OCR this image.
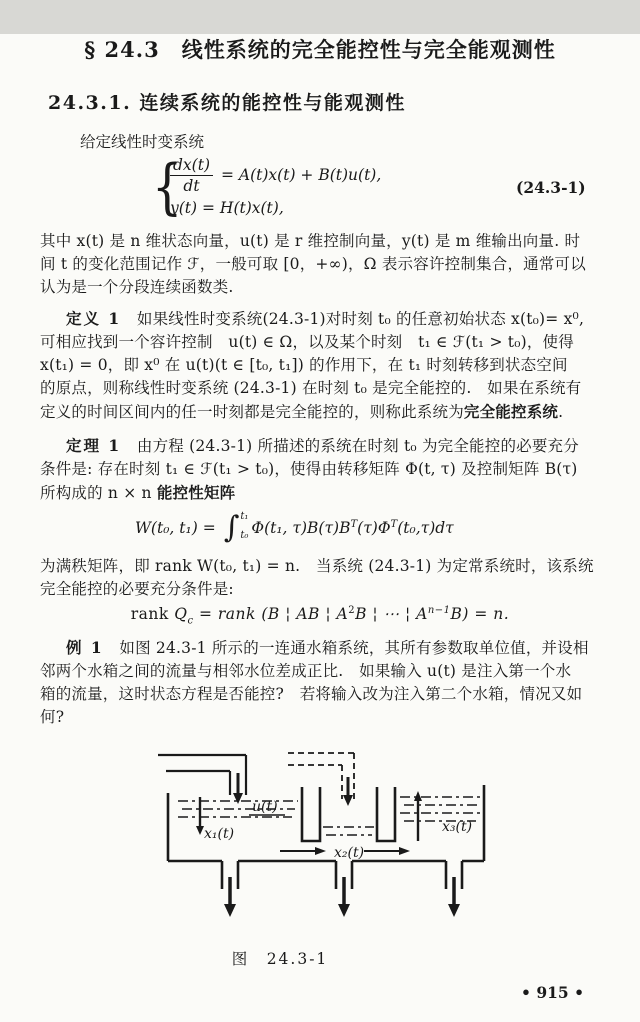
§ 24.3　线性系统的完全能控性与完全能观测性
24.3.1. 连续系统的能控性与能观测性
给定线性时变系统
{
$\frac{dx(t)}{dt} = A(t)x(t) + B(t)u(t)$,
y(t) = H(t)x(t),
(24.3-1)
其中 x(t) 是 n 维状态向量，u(t) 是 r 维控制向量，y(t) 是 m 维输出向量. 时
间 t 的变化范围记作 ℱ，一般可取 [0，+∞)，Ω 表示容许控制集合，通常可以
认为是一个分段连续函数类.
定义 1　如果线性时变系统(24.3-1)对时刻 t₀ 的任意初始状态 x(t₀)= x⁰,
可相应找到一个容许控制　u(t) ∈ Ω，以及某个时刻　t₁ ∈ ℱ(t₁ > t₀)，使得
x(t₁) = 0，即 x⁰ 在 u(t)(t ∈ [t₀, t₁]) 的作用下，在 t₁ 时刻转移到状态空间
的原点，则称线性时变系统 (24.3-1) 在时刻 t₀ 是完全能控的.　如果在系统有
定义的时间区间内的任一时刻都是完全能控的，则称此系统为完全能控系统.
定理 1　由方程 (24.3-1) 所描述的系统在时刻 t₀ 为完全能控的必要充分
条件是: 存在时刻 t₁ ∈ ℱ(t₁ > t₀)，使得由转移矩阵 Φ(t, τ) 及控制矩阵 B(τ)
所构成的 n × n 能控性矩阵
W(t₀, t₁) = ∫ t₁
t₀ Φ(t₁, $\tau)B(\tau)B^T(\tau)\Phi^T(t_0,\tau)d\tau$
为满秩矩阵，即 rank W(t₀, t₁) = n.　当系统 (24.3-1) 为定常系统时，该系统
完全能控的必要充分条件是:
rank $Q_c$ = rank (B ¦ AB ¦ $A^2B$ ¦ ⋯ ¦ $A^{n-1}B) = n$.
例 1　如图 24.3-1 所示的一连通水箱系统，其所有参数取单位值，并设相
邻两个水箱之间的流量与相邻水位差成正比.　如果输入 u(t) 是注入第一个水
箱的流量，这时状态方程是否能控?　若将输入改为注入第二个水箱，情况又如
何?
u(t)
x₁(t)
x₂(t)
x₃(t)
图　24.3-1
• 915 •
